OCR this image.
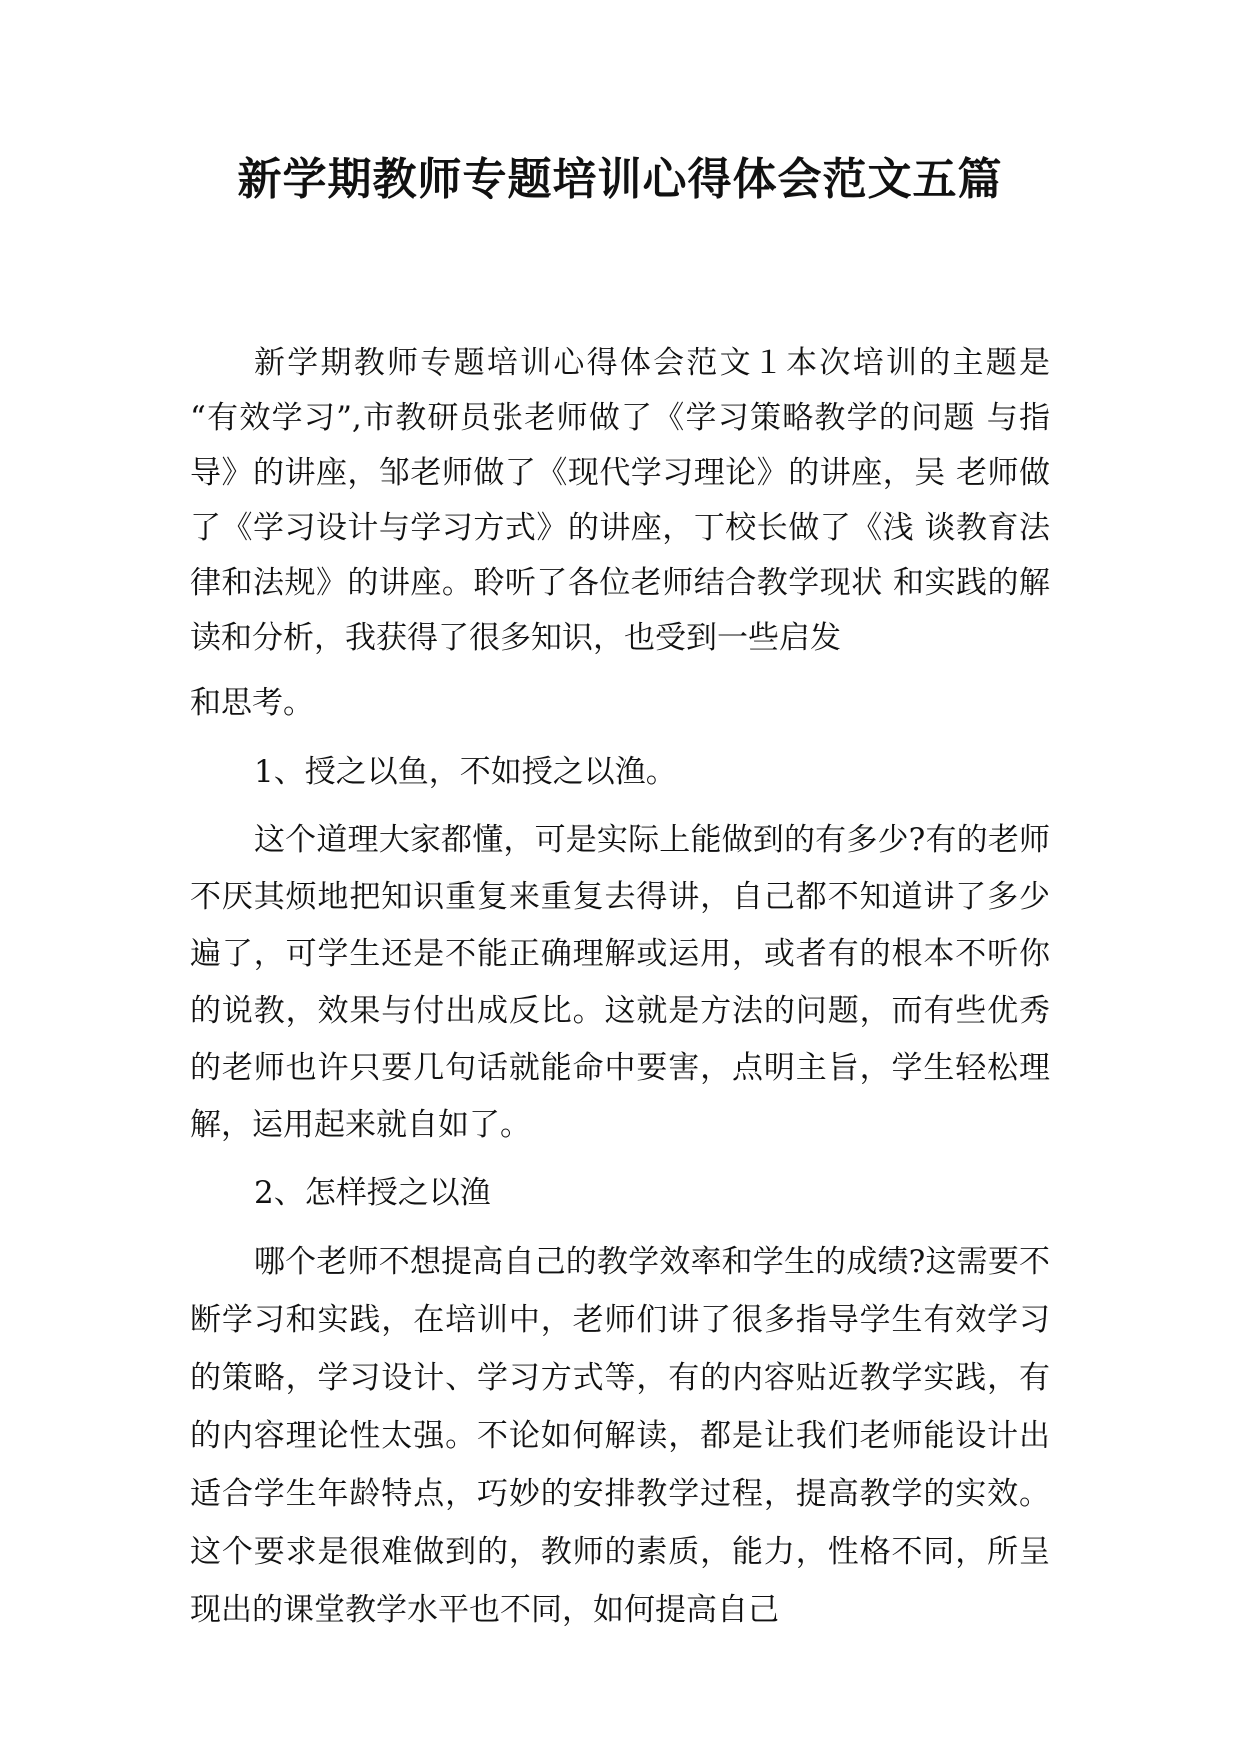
新学期教师专题培训心得体会范文五篇

新学期教师专题培训心得体会范文１本次培训的主题是 “有效学习”,市教研员张老师做了《学习策略教学的问题 与指导》的讲座，邹老师做了《现代学习理论》的讲座，吴 老师做了《学习设计与学习方式》的讲座，丁校长做了《浅 谈教育法律和法规》的讲座。聆听了各位老师结合教学现状 和实践的解读和分析，我获得了很多知识，也受到一些启发

和思考。

1、授之以鱼，不如授之以渔。

这个道理大家都懂，可是实际上能做到的有多少?有的老师不厌其烦地把知识重复来重复去得讲，自己都不知道讲了多少遍了，可学生还是不能正确理解或运用，或者有的根本不听你的说教，效果与付出成反比。这就是方法的问题，而有些优秀的老师也许只要几句话就能命中要害，点明主旨，学生轻松理解，运用起来就自如了。

2、怎样授之以渔

哪个老师不想提高自己的教学效率和学生的成绩?这需要不断学习和实践，在培训中，老师们讲了很多指导学生有效学习的策略，学习设计、学习方式等，有的内容贴近教学实践，有的内容理论性太强。不论如何解读，都是让我们老师能设计出适合学生年龄特点，巧妙的安排教学过程，提高教学的实效。这个要求是很难做到的，教师的素质，能力，性格不同，所呈现出的课堂教学水平也不同，如何提高自己
